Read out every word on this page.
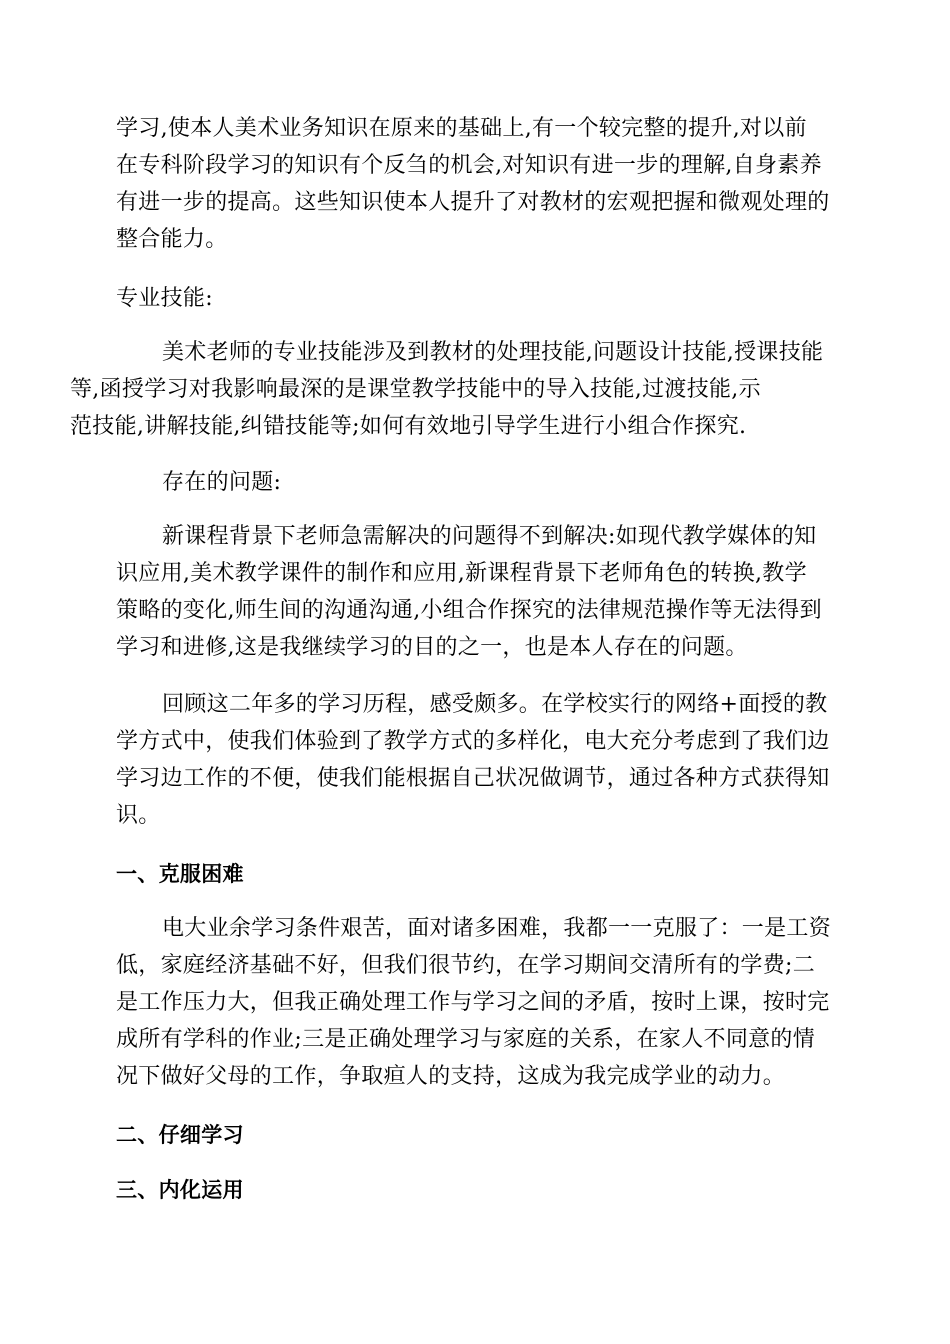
学习,使本人美术业务知识在原来的基础上,有一个较完整的提升,对以前
在专科阶段学习的知识有个反刍的机会,对知识有进一步的理解,自身素养
有进一步的提高。这些知识使本人提升了对教材的宏观把握和微观处理的
整合能力。

专业技能:

美术老师的专业技能涉及到教材的处理技能,问题设计技能,授课技能
等,函授学习对我影响最深的是课堂教学技能中的导入技能,过渡技能,示
范技能,讲解技能,纠错技能等;如何有效地引导学生进行小组合作探究.

存在的问题:

新课程背景下老师急需解决的问题得不到解决:如现代教学媒体的知
识应用,美术教学课件的制作和应用,新课程背景下老师角色的转换,教学
策略的变化,师生间的沟通沟通,小组合作探究的法律规范操作等无法得到
学习和进修,这是我继续学习的目的之一，也是本人存在的问题。

回顾这二年多的学习历程，感受颇多。在学校实行的网络+面授的教
学方式中，使我们体验到了教学方式的多样化，电大充分考虑到了我们边
学习边工作的不便，使我们能根据自己状况做调节，通过各种方式获得知
识。

一、克服困难

电大业余学习条件艰苦，面对诸多困难，我都一一克服了：一是工资
低，家庭经济基础不好，但我们很节约，在学习期间交清所有的学费;二
是工作压力大，但我正确处理工作与学习之间的矛盾，按时上课，按时完
成所有学科的作业;三是正确处理学习与家庭的关系，在家人不同意的情
况下做好父母的工作，争取疸人的支持，这成为我完成学业的动力。

二、仔细学习

三、内化运用
